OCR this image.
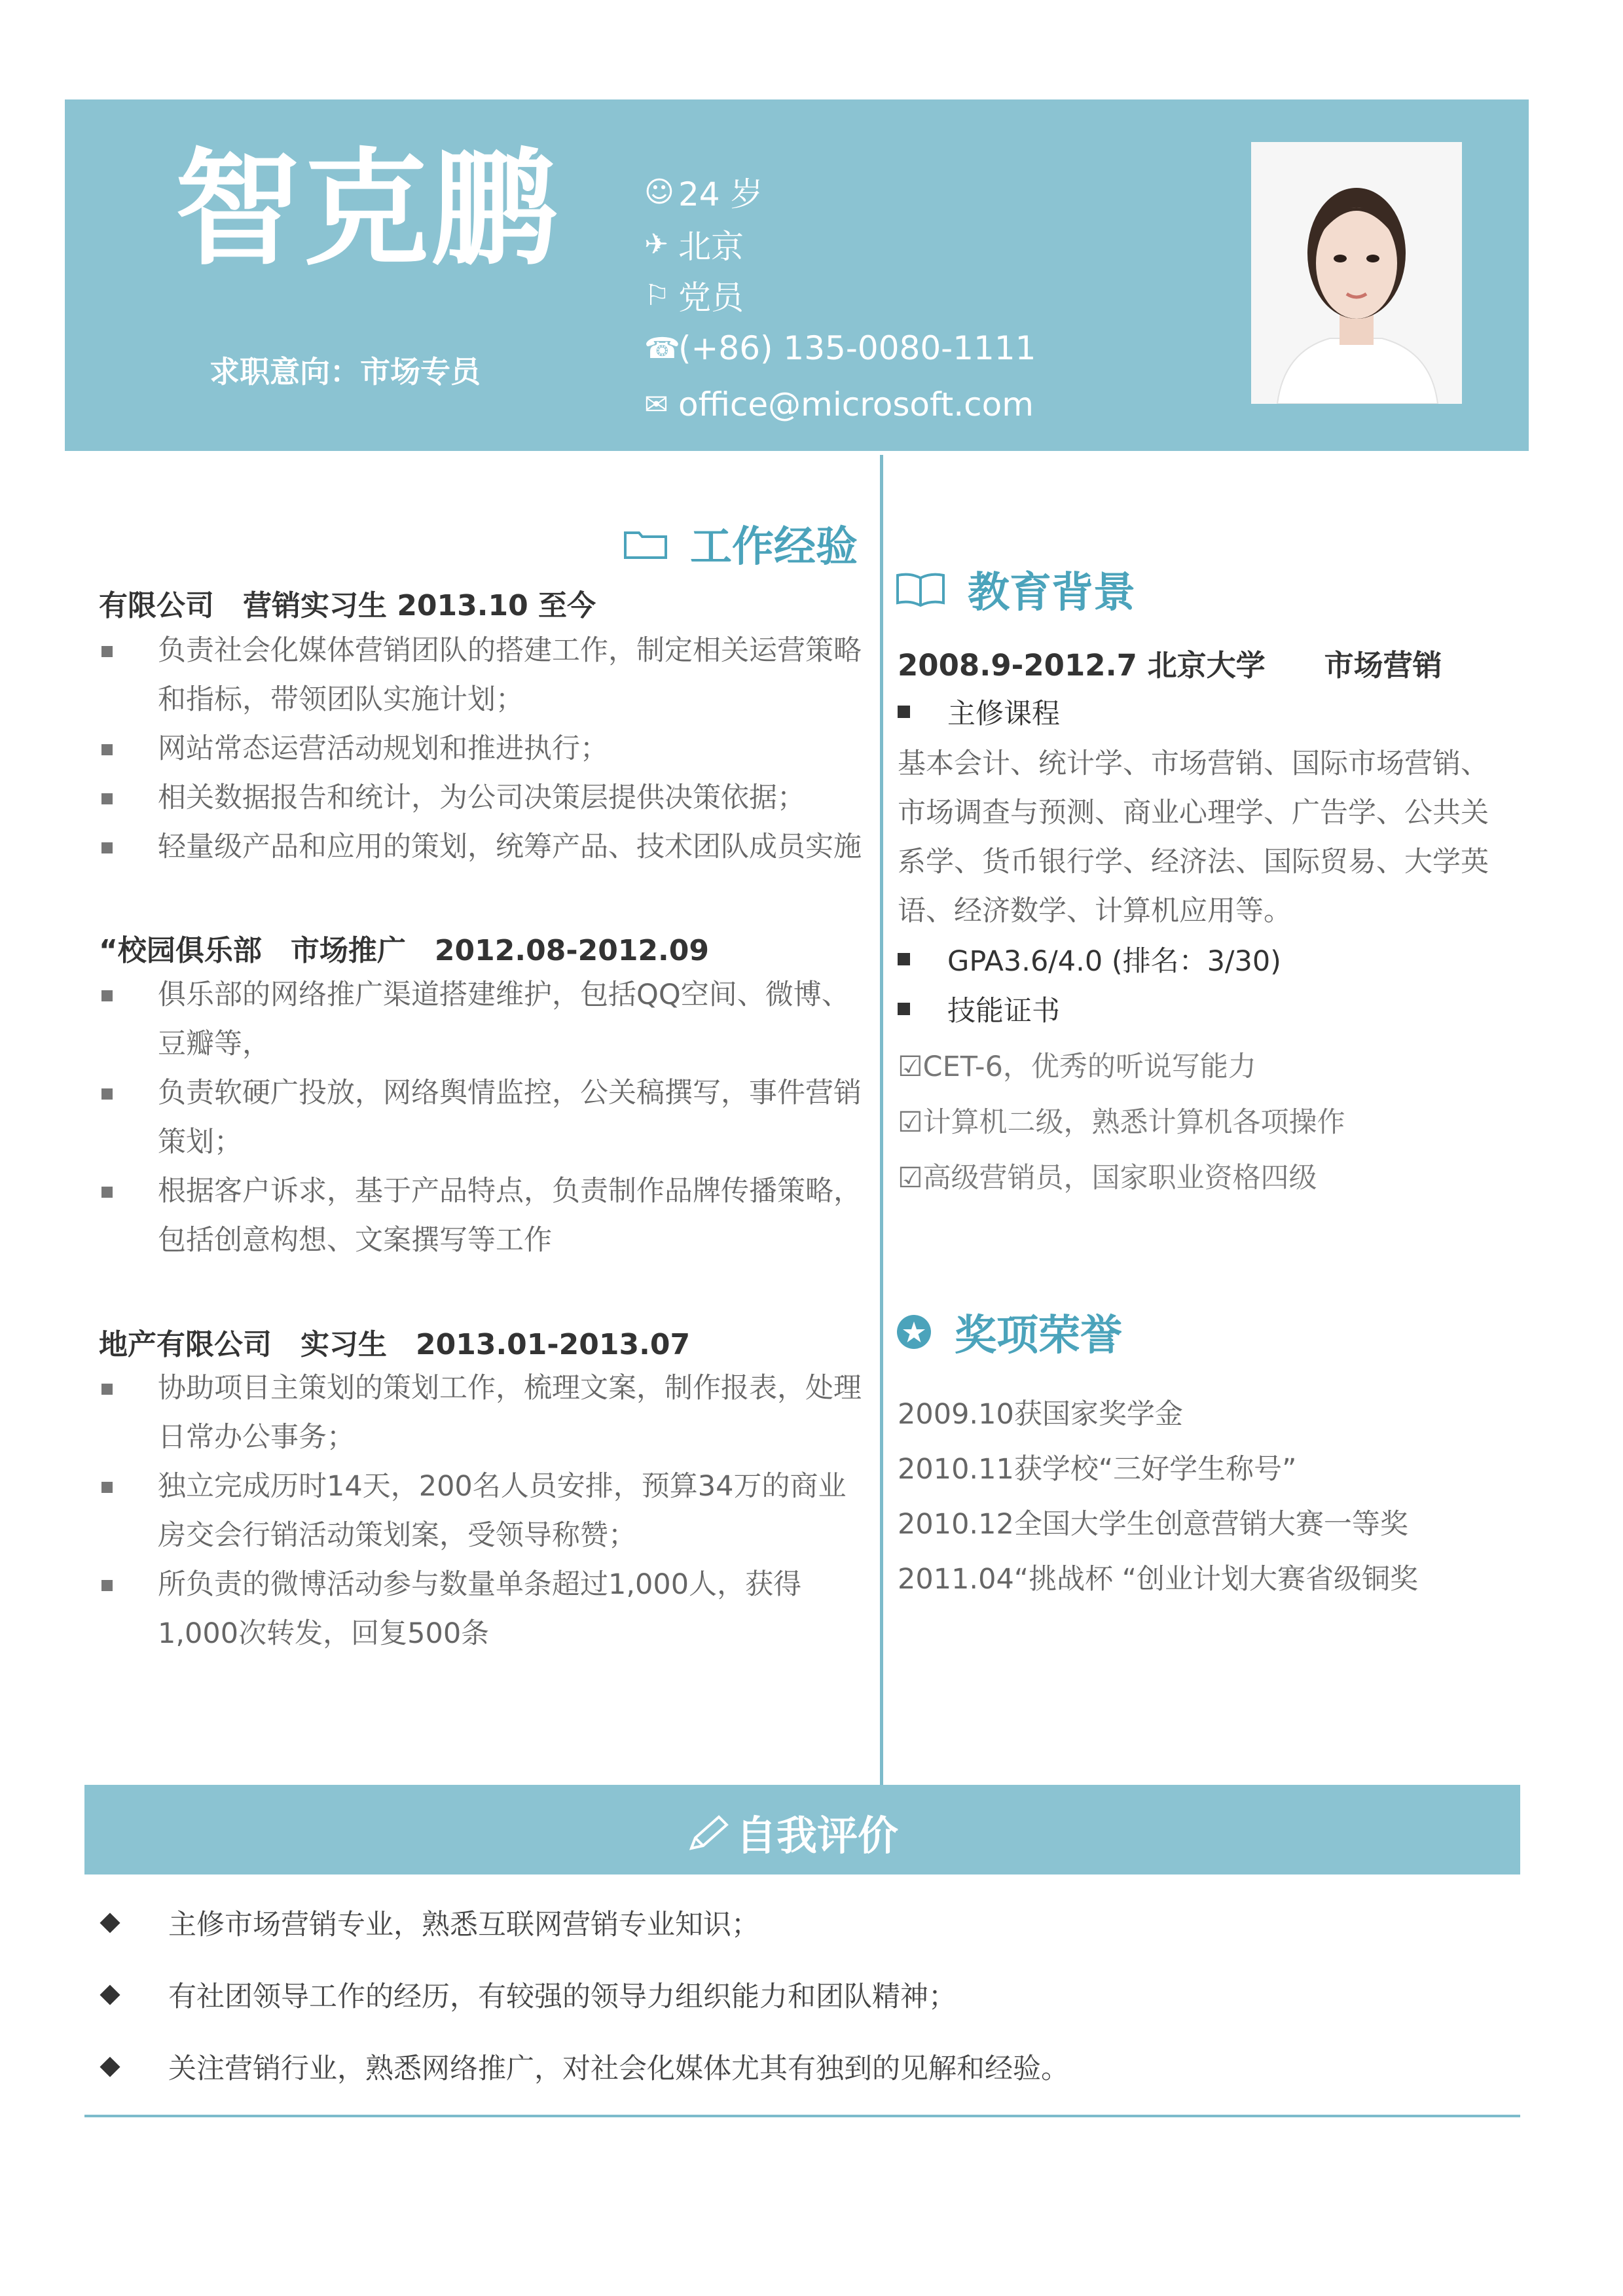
智克鹏
求职意向：市场专员
☺ 24 岁
✈ 北京
⚐ 党员
☎
(+86) 135-0080-1111
✉ office@microsoft.com
工作经验
有限公司　营销实习生 2013.10 至今
负责社会化媒体营销团队的搭建工作，制定相关运营策略和指标，带领团队实施计划；
网站常态运营活动规划和推进执行；
相关数据报告和统计，为公司决策层提供决策依据；
轻量级产品和应用的策划，统筹产品、技术团队成员实施
“校园俱乐部　市场推广　2012.08-2012.09
俱乐部的网络推广渠道搭建维护，包括QQ空间、微博、豆瓣等，
负责软硬广投放，网络舆情监控，公关稿撰写，事件营销策划；
根据客户诉求，基于产品特点，负责制作品牌传播策略，包括创意构想、文案撰写等工作
地产有限公司　实习生　2013.01-2013.07
协助项目主策划的策划工作，梳理文案，制作报表，处理日常办公事务；
独立完成历时14天，200名人员安排，预算34万的商业房交会行销活动策划案，受领导称赞；
所负责的微博活动参与数量单条超过1,000人，获得1,000次转发，回复500条
教育背景
2008.9-2012.7 北京大学　　市场营销
主修课程
基本会计、统计学、市场营销、国际市场营销、市场调查与预测、商业心理学、广告学、公共关系学、货币银行学、经济法、国际贸易、大学英语、经济数学、计算机应用等。
GPA3.6/4.0 (排名：3/30)
技能证书
☑CET-6，优秀的听说写能力
☑计算机二级，熟悉计算机各项操作
☑高级营销员，国家职业资格四级
奖项荣誉
2009.10获国家奖学金
2010.11获学校“三好学生称号”
2010.12全国大学生创意营销大赛一等奖
2011.04“挑战杯 “创业计划大赛省级铜奖
自我评价
主修市场营销专业，熟悉互联网营销专业知识；
有社团领导工作的经历，有较强的领导力组织能力和团队精神；
关注营销行业，熟悉网络推广，对社会化媒体尤其有独到的见解和经验。
